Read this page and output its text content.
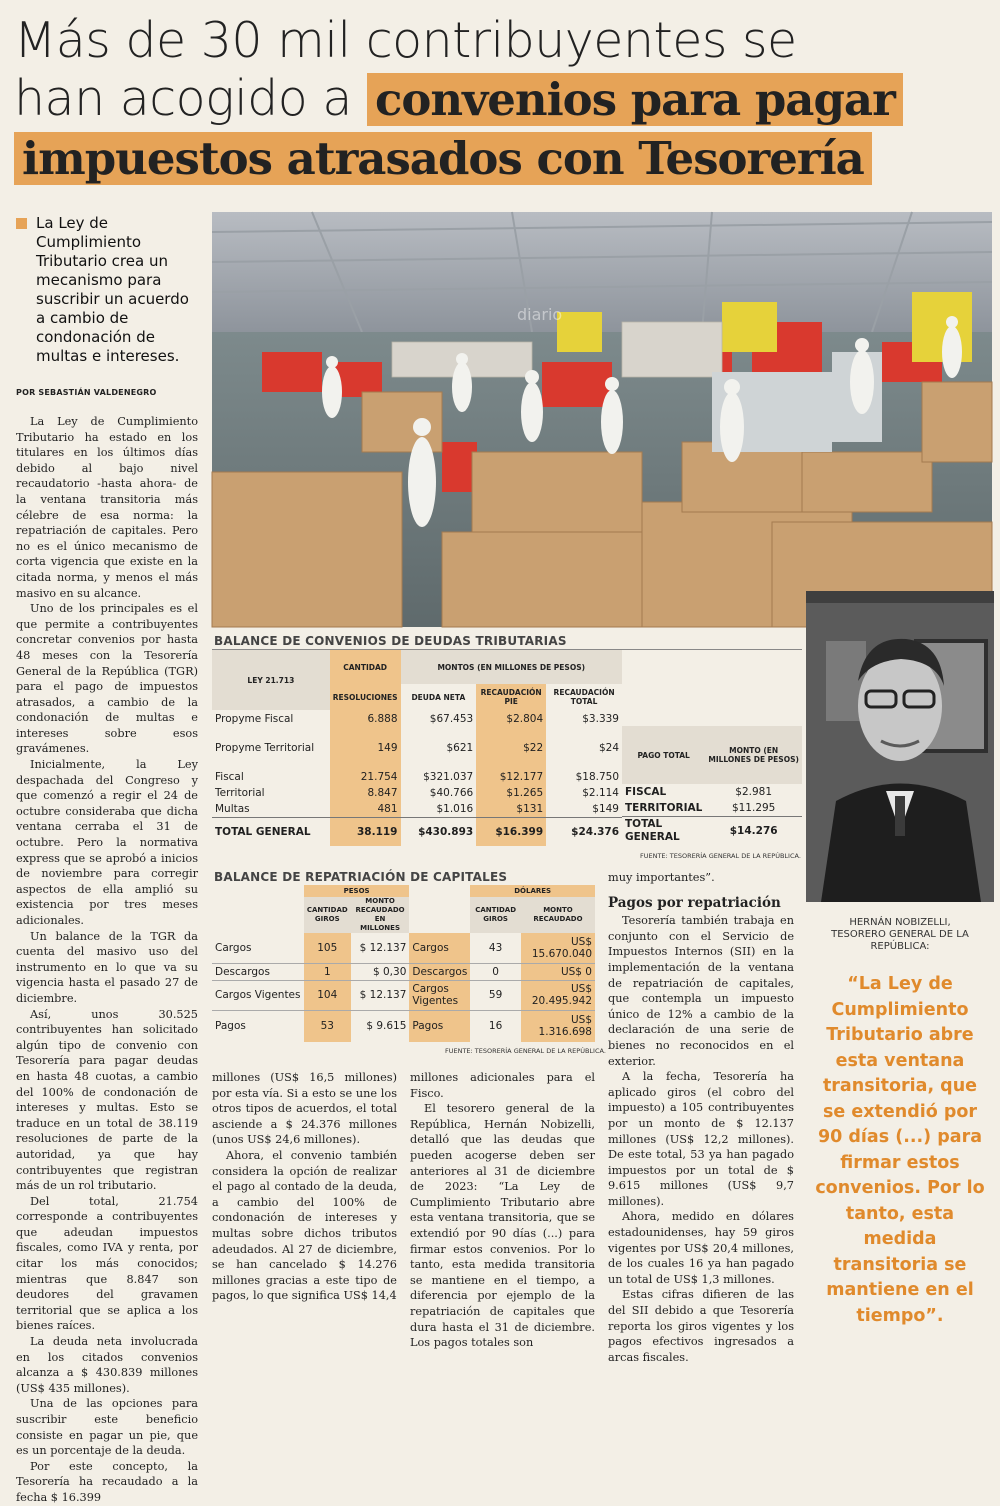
Más de 30 mil contribuyentes se
han acogido a convenios para pagar
impuestos atrasados con Tesorería

La Ley de Cumplimiento Tributario crea un mecanismo para suscribir un acuerdo a cambio de condonación de multas e intereses.

POR SEBASTIÁN VALDENEGRO
diario
HERNÁN NOBIZELLI,
TESORERO GENERAL DE LA REPÚBLICA:
“La Ley de Cumplimiento Tributario abre esta ventana transitoria, que se extendió por 90 días (...) para firmar estos convenios. Por lo tanto, esta medida transitoria se mantiene en el tiempo”.
BALANCE DE CONVENIOS DE DEUDAS TRIBUTARIAS
LEY 21.713	CANTIDAD	MONTOS (EN MILLONES DE PESOS)		
	RESOLUCIONES	DEUDA NETA	RECAUDACIÓN PIE	RECAUDACIÓN TOTAL
Propyme Fiscal	6.888	$67.453	$2.804	$3.339
Propyme Territorial	149	$621	$22	$24
Fiscal	21.754	$321.037	$12.177	$18.750
Territorial	8.847	$40.766	$1.265	$2.114
Multas	481	$1.016	$131	$149
TOTAL GENERAL	38.119	$430.893	$16.399	$24.376
PAGO TOTAL	MONTO (EN MILLONES DE PESOS)
FISCAL	$2.981
TERRITORIAL	$11.295
TOTAL GENERAL	$14.276
FUENTE: TESORERÍA GENERAL DE LA REPÚBLICA.
BALANCE DE REPATRIACIÓN DE CAPITALES
	PESOS			DÓLARES	
	CANTIDAD GIROS	MONTO RECAUDADO EN MILLONES		CANTIDAD GIROS	MONTO RECAUDADO
Cargos	105	$ 12.137	Cargos	43	US$ 15.670.040
Descargos	1	$ 0,30	Descargos	0	US$ 0
Cargos Vigentes	104	$ 12.137	Cargos Vigentes	59	US$ 20.495.942
Pagos	53	$ 9.615	Pagos	16	US$ 1.316.698
FUENTE: TESORERÍA GENERAL DE LA REPÚBLICA.

La Ley de Cumplimiento Tributario ha estado en los titulares en los últimos días debido al bajo nivel recaudatorio -hasta ahora- de la ventana transitoria más célebre de esa norma: la repatriación de capitales. Pero no es el único mecanismo de corta vigencia que existe en la citada norma, y menos el más masivo en su alcance.

Uno de los principales es el que permite a contribuyentes concretar convenios por hasta 48 meses con la Tesorería General de la República (TGR) para el pago de impuestos atrasados, a cambio de la condonación de multas e intereses sobre esos gravámenes.

Inicialmente, la Ley despachada del Congreso y que comenzó a regir el 24 de octubre consideraba que dicha ventana cerraba el 31 de octubre. Pero la normativa express que se aprobó a inicios de noviembre para corregir aspectos de ella amplió su existencia por tres meses adicionales.

Un balance de la TGR da cuenta del masivo uso del instrumento en lo que va su vigencia hasta el pasado 27 de diciembre.

Así, unos 30.525 contribuyentes han solicitado algún tipo de convenio con Tesorería para pagar deudas en hasta 48 cuotas, a cambio del 100% de condonación de intereses y multas. Esto se traduce en un total de 38.119 resoluciones de parte de la autoridad, ya que hay contribuyentes que registran más de un rol tributario.

Del total, 21.754 corresponde a contribuyentes que adeudan impuestos fiscales, como IVA y renta, por citar los más conocidos; mientras que 8.847 son deudores del gravamen territorial que se aplica a los bienes raíces.

La deuda neta involucrada en los citados convenios alcanza a $ 430.839 millones (US$ 435 millones).

Una de las opciones para suscribir este beneficio consiste en pagar un pie, que es un porcentaje de la deuda.

Por este concepto, la Tesorería ha recaudado a la fecha $ 16.399

millones (US$ 16,5 millones) por esta vía. Si a esto se une los otros tipos de acuerdos, el total asciende a $ 24.376 millones (unos US$ 24,6 millones).

Ahora, el convenio también considera la opción de realizar el pago al contado de la deuda, a cambio del 100% de condonación de intereses y multas sobre dichos tributos adeudados. Al 27 de diciembre, se han cancelado $ 14.276 millones gracias a este tipo de pagos, lo que significa US$ 14,4

millones adicionales para el Fisco.

El tesorero general de la República, Hernán Nobizelli, detalló que las deudas que pueden acogerse deben ser anteriores al 31 de diciembre de 2023: “La Ley de Cumplimiento Tributario abre esta ventana transitoria, que se extendió por 90 días (...) para firmar estos convenios. Por lo tanto, esta medida transitoria se mantiene en el tiempo, a diferencia por ejemplo de la repatriación de capitales que dura hasta el 31 de diciembre. Los pagos totales son

muy importantes”.

Pagos por repatriación

Tesorería también trabaja en conjunto con el Servicio de Impuestos Internos (SII) en la implementación de la ventana de repatriación de capitales, que contempla un impuesto único de 12% a cambio de la declaración de una serie de bienes no reconocidos en el exterior.

A la fecha, Tesorería ha aplicado giros (el cobro del impuesto) a 105 contribuyentes por un monto de $ 12.137 millones (US$ 12,2 millones). De este total, 53 ya han pagado impuestos por un total de $ 9.615 millones (US$ 9,7 millones).

Ahora, medido en dólares estadounidenses, hay 59 giros vigentes por US$ 20,4 millones, de los cuales 16 ya han pagado un total de US$ 1,3 millones.

Estas cifras difieren de las del SII debido a que Tesorería reporta los giros vigentes y los pagos efectivos ingresados a arcas fiscales.
